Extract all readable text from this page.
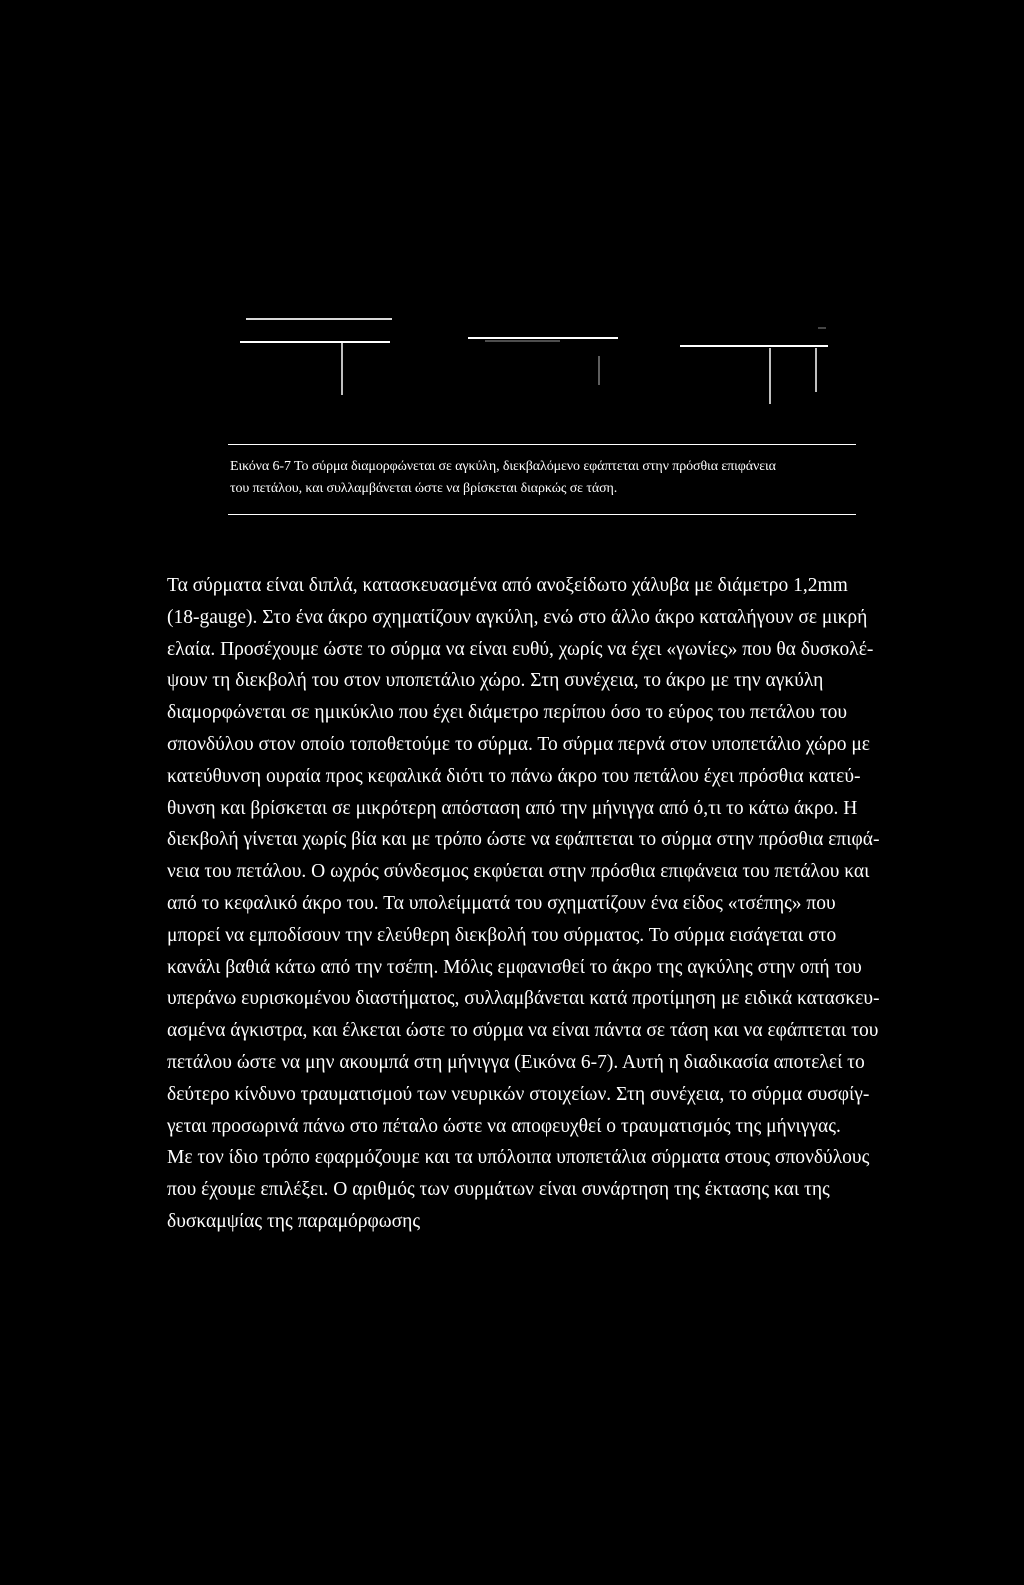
Εικόνα 6-7 Το σύρμα διαμορφώνεται σε αγκύλη, διεκβαλόμενο εφάπτεται στην πρόσθια επιφάνεια
του πετάλου, και συλλαμβάνεται ώστε να βρίσκεται διαρκώς σε τάση.
Τα σύρματα είναι διπλά, κατασκευασμένα από ανοξείδωτο χάλυβα με διάμετρο 1,2mm
(18-gauge). Στο ένα άκρο σχηματίζουν αγκύλη, ενώ στο άλλο άκρο καταλήγουν σε μικρή
ελαία. Προσέχουμε ώστε το σύρμα να είναι ευθύ, χωρίς να έχει «γωνίες» που θα δυσκολέ-
ψουν τη διεκβολή του στον υποπετάλιο χώρο. Στη συνέχεια, το άκρο με την αγκύλη
διαμορφώνεται σε ημικύκλιο που έχει διάμετρο περίπου όσο το εύρος του πετάλου του
σπονδύλου στον οποίο τοποθετούμε το σύρμα. Το σύρμα περνά στον υποπετάλιο χώρο με
κατεύθυνση ουραία προς κεφαλικά διότι το πάνω άκρο του πετάλου έχει πρόσθια κατεύ-
θυνση και βρίσκεται σε μικρότερη απόσταση από την μήνιγγα από ό,τι το κάτω άκρο. Η
διεκβολή γίνεται χωρίς βία και με τρόπο ώστε να εφάπτεται το σύρμα στην πρόσθια επιφά-
νεια του πετάλου. Ο ωχρός σύνδεσμος εκφύεται στην πρόσθια επιφάνεια του πετάλου και
από το κεφαλικό άκρο του. Τα υπολείμματά του σχηματίζουν ένα είδος «τσέπης» που
μπορεί να εμποδίσουν την ελεύθερη διεκβολή του σύρματος. Το σύρμα εισάγεται στο
κανάλι βαθιά κάτω από την τσέπη. Μόλις εμφανισθεί το άκρο της αγκύλης στην οπή του
υπεράνω ευρισκομένου διαστήματος, συλλαμβάνεται κατά προτίμηση με ειδικά κατασκευ-
ασμένα άγκιστρα, και έλκεται ώστε το σύρμα να είναι πάντα σε τάση και να εφάπτεται του
πετάλου ώστε να μην ακουμπά στη μήνιγγα (Εικόνα 6-7). Αυτή η διαδικασία αποτελεί το
δεύτερο κίνδυνο τραυματισμού των νευρικών στοιχείων. Στη συνέχεια, το σύρμα συσφίγ-
γεται προσωρινά πάνω στο πέταλο ώστε να αποφευχθεί ο τραυματισμός της μήνιγγας.
Με τον ίδιο τρόπο εφαρμόζουμε και τα υπόλοιπα υποπετάλια σύρματα στους σπονδύλους
που έχουμε επιλέξει. Ο αριθμός των συρμάτων είναι συνάρτηση της έκτασης και της
δυσκαμψίας της παραμόρφωσης
